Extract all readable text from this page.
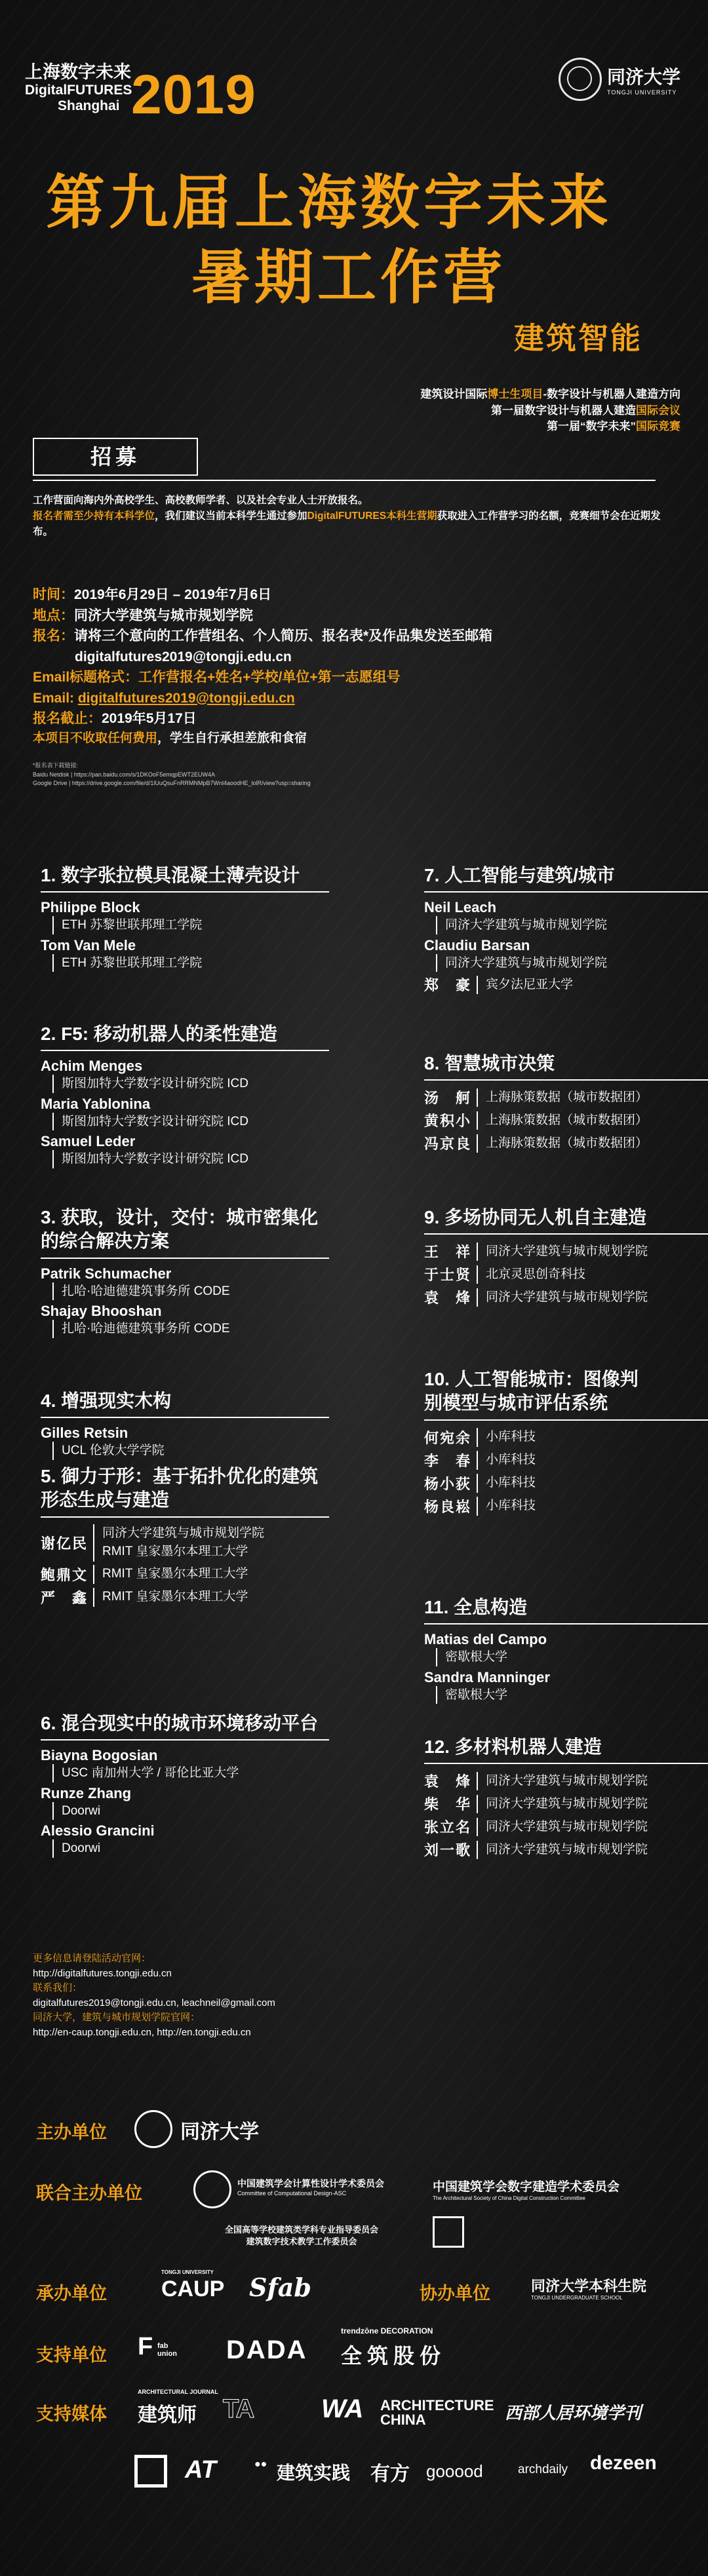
上海数字未来
DigitalFUTURES
Shanghai 2019	同济大学
TONGJI UNIVERSITY
第九届上海数字未来
暑期工作营
建筑智能
建筑设计国际博士生项目-数字设计与机器人建造方向
第一届数字设计与机器人建造国际会议
第一届“数字未来”国际竞赛
招募
工作营面向海内外高校学生、高校教师学者、以及社会专业人士开放报名。
报名者需至少持有本科学位，我们建议当前本科学生通过参加DigitalFUTURES本科生营期获取进入工作营学习的名额，竞赛细节会在近期发布。
时间：2019年6月29日 – 2019年7月6日
地点：同济大学建筑与城市规划学院
报名：请将三个意向的工作营组名、个人简历、报名表*及作品集发送至邮箱
digitalfutures2019@tongji.edu.cn
Email标题格式：工作营报名+姓名+学校/单位+第一志愿组号
Email: digitalfutures2019@tongji.edu.cn
报名截止：2019年5月17日
本项目不收取任何费用，学生自行承担差旅和食宿
*报名表下载链接:
Baidu Netdisk | https://pan.baidu.com/s/1DKOoF5emqpEWT2EUW4A
Google Drive | https://drive.google.com/file/d/1lUuQsuFnRRMNMpB7Wnl4aoodHE_lolR/view?usp=sharing
1. 数字张拉模具混凝土薄壳设计
Philippe Block
ETH 苏黎世联邦理工学院
Tom Van Mele
ETH 苏黎世联邦理工学院
2. F5: 移动机器人的柔性建造
Achim Menges
斯图加特大学数字设计研究院 ICD
Maria Yablonina
斯图加特大学数字设计研究院 ICD
Samuel Leder
斯图加特大学数字设计研究院 ICD
3. 获取，设计，交付：城市密集化
的综合解决方案
Patrik Schumacher
扎哈·哈迪德建筑事务所 CODE
Shajay Bhooshan
扎哈·哈迪德建筑事务所 CODE
4. 增强现实木构
Gilles Retsin
UCL 伦敦大学学院
5. 御力于形：基于拓扑优化的建筑
形态生成与建造
谢亿民
同济大学建筑与城市规划学院
RMIT 皇家墨尔本理工大学
鲍鼎文	RMIT 皇家墨尔本理工大学
严　鑫	RMIT 皇家墨尔本理工大学
6. 混合现实中的城市环境移动平台
Biayna Bogosian
USC 南加州大学 / 哥伦比亚大学
Runze Zhang
Doorwi
Alessio Grancini
Doorwi
7. 人工智能与建筑/城市
Neil Leach
同济大学建筑与城市规划学院
Claudiu Barsan
同济大学建筑与城市规划学院
郑　豪	宾夕法尼亚大学
8. 智慧城市决策
汤　舸	上海脉策数据（城市数据团）
黄积小	上海脉策数据（城市数据团）
冯京良	上海脉策数据（城市数据团）
9. 多场协同无人机自主建造
王　祥	同济大学建筑与城市规划学院
于士贤	北京灵思创奇科技
袁　烽	同济大学建筑与城市规划学院
10. 人工智能城市：图像判
别模型与城市评估系统
何宛余	小库科技
李　春	小库科技
杨小荻	小库科技
杨良崧	小库科技
11. 全息构造
Matias del Campo
密歇根大学
Sandra Manninger
密歇根大学
12. 多材料机器人建造
袁　烽	同济大学建筑与城市规划学院
柴　华	同济大学建筑与城市规划学院
张立名	同济大学建筑与城市规划学院
刘一歌	同济大学建筑与城市规划学院
更多信息请登陆活动官网：
http://digitalfutures.tongji.edu.cn
联系我们：
digitalfutures2019@tongji.edu.cn, leachneil@gmail.com
同济大学，建筑与城市规划学院官网：
http://en-caup.tongji.edu.cn, http://en.tongji.edu.cn
主办单位	同济大学
联合主办单位	中国建筑学会计算性设计学术委员会
Committee of Computational Design-ASC	中国建筑学会数字建造学术委员会
The Architectural Society of China Digital Construction Committee
全国高等学校建筑类学科专业指导委员会
建筑数字技术教学工作委员会
承办单位
TONGJI UNIVERSITY
CAUP Sfab	协办单位	同济大学本科生院
TONGJI UNDERGRADUATE SCHOOL
支持单位 F fab union DADA
trendzōne DECORATION
全筑股份
支持媒体
ARCHITECTURAL JOURNAL
建筑师 TA	WA ARCHITECTURE CHINA	西部人居环境学刊
AT	●● 建筑实践 有方 gooood	archdaily dezeen
